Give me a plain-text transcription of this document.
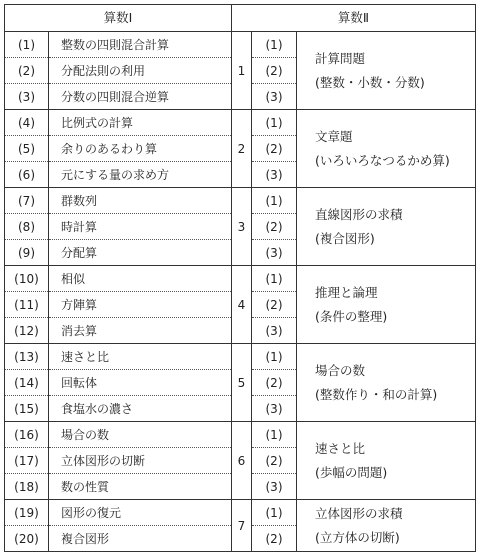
算数Ⅰ		算数Ⅱ		
(1)	整数の四則混合計算	1	(1)	計算問題
(整数・小数・分数)

(2)	分配法則の利用		(2)	
(3)	分数の四則混合逆算		(3)	
(4)	比例式の計算	2	(1)	文章題
(いろいろなつるかめ算)

(5)	余りのあるわり算		(2)	
(6)	元にする量の求め方		(3)	
(7)	群数列	3	(1)	直線図形の求積
(複合図形)

(8)	時計算		(2)	
(9)	分配算		(3)	
(10)	相似	4	(1)	推理と論理
(条件の整理)

(11)	方陣算		(2)	
(12)	消去算		(3)	
(13)	速さと比	5	(1)	場合の数
(整数作り・和の計算)

(14)	回転体		(2)	
(15)	食塩水の濃さ		(3)	
(16)	場合の数	6	(1)	速さと比
(歩幅の問題)

(17)	立体図形の切断		(2)	
(18)	数の性質		(3)	
(19)	図形の復元	7	(1)	立体図形の求積
(立方体の切断)

(20)	複合図形		(2)	
